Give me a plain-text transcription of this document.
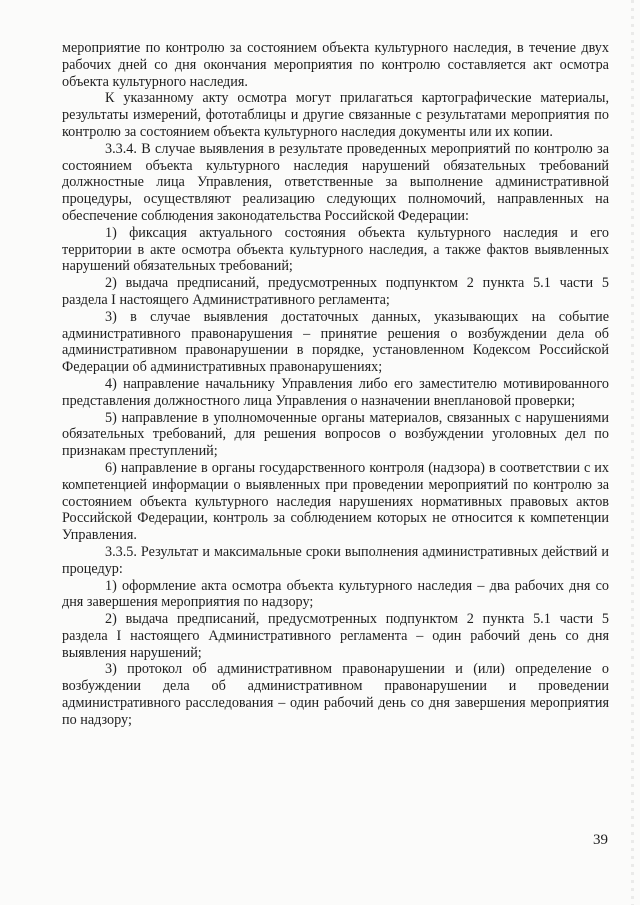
мероприятие по контролю за состоянием объекта культурного наследия, в течение двух рабочих дней со дня окончания мероприятия по контролю составляется акт осмотра объекта культурного наследия.

К указанному акту осмотра могут прилагаться картографические материалы, результаты измерений, фототаблицы и другие связанные с результатами мероприятия по контролю за состоянием объекта культурного наследия документы или их копии.

3.3.4. В случае выявления в результате проведенных мероприятий по контролю за состоянием объекта культурного наследия нарушений обязательных требований должностные лица Управления, ответственные за выполнение административной процедуры, осуществляют реализацию следующих полномочий, направленных на обеспечение соблюдения законодательства Российской Федерации:

1) фиксация актуального состояния объекта культурного наследия и его территории в акте осмотра объекта культурного наследия, а также фактов выявленных нарушений обязательных требований;

2) выдача предписаний, предусмотренных подпунктом 2 пункта 5.1 части 5 раздела I настоящего Административного регламента;

3) в случае выявления достаточных данных, указывающих на событие административного правонарушения – принятие решения о возбуждении дела об административном правонарушении в порядке, установленном Кодексом Российской Федерации об административных правонарушениях;

4) направление начальнику Управления либо его заместителю мотивированного представления должностного лица Управления о назначении внеплановой проверки;

5) направление в уполномоченные органы материалов, связанных с нарушениями обязательных требований, для решения вопросов о возбуждении уголовных дел по признакам преступлений;

6) направление в органы государственного контроля (надзора) в соответствии с их компетенцией информации о выявленных при проведении мероприятий по контролю за состоянием объекта культурного наследия нарушениях нормативных правовых актов Российской Федерации, контроль за соблюдением которых не относится к компетенции Управления.

3.3.5. Результат и максимальные сроки выполнения административных действий и процедур:

1) оформление акта осмотра объекта культурного наследия – два рабочих дня со дня завершения мероприятия по надзору;

2) выдача предписаний, предусмотренных подпунктом 2 пункта 5.1 части 5 раздела I настоящего Административного регламента – один рабочий день со дня выявления нарушений;

3) протокол об административном правонарушении и (или) определение о возбуждении дела об административном правонарушении и проведении административного расследования – один рабочий день со дня завершения мероприятия по надзору;

39
